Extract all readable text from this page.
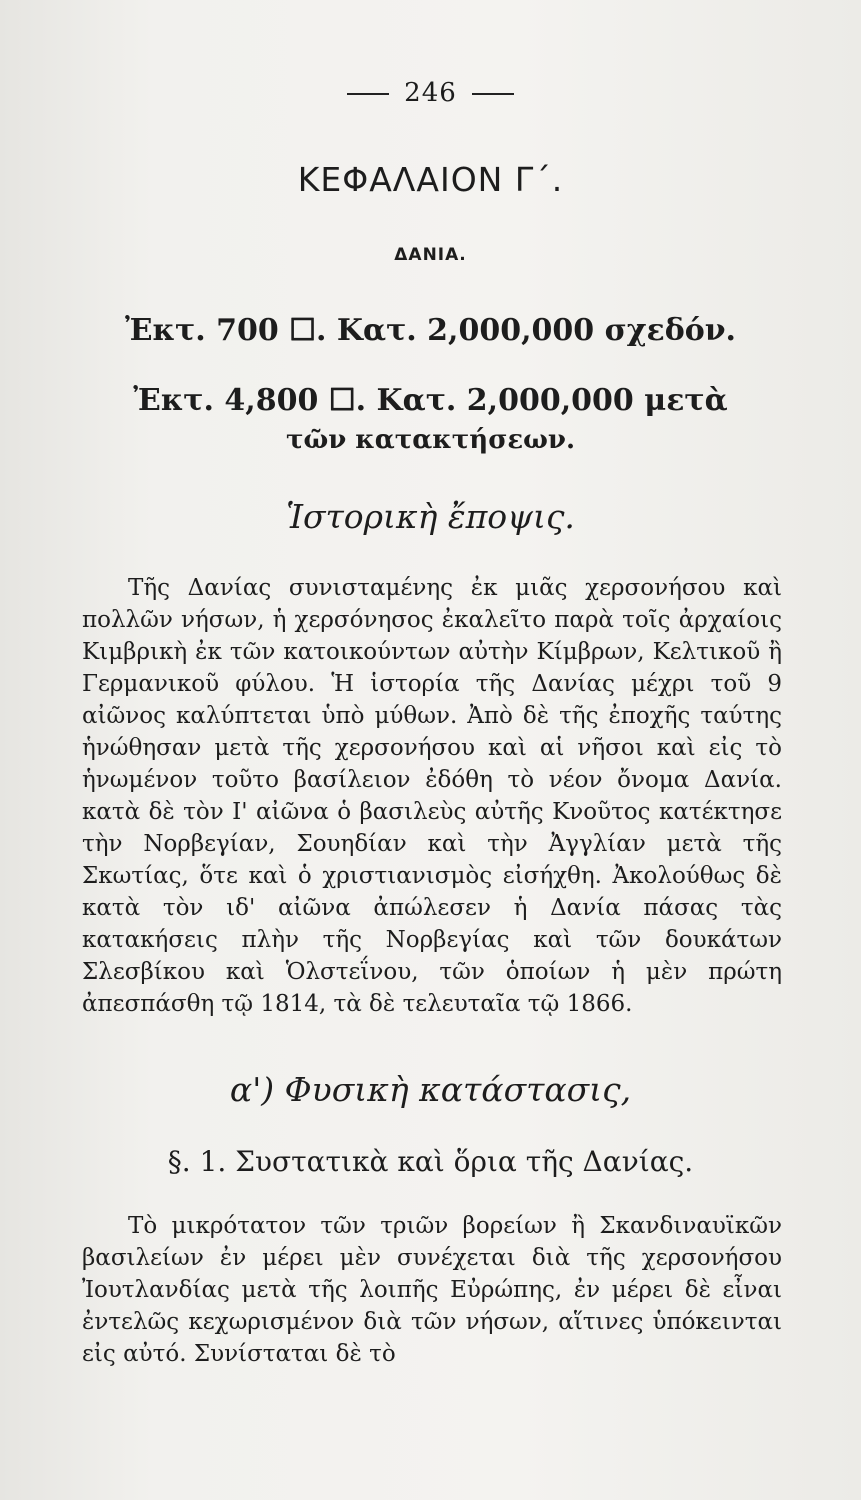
246
ΚΕΦΑΛΑΙΟΝ Γ΄.
ΔΑΝΙΑ.
Ἐκτ. 700 ☐. Κατ. 2,000,000 σχεδόν.
Ἐκτ. 4,800 ☐. Κατ. 2,000,000 μετὰ
τῶν κατακτήσεων.
Ἱστορικὴ ἔποψις.
Τῆς Δανίας συνισταμένης ἐκ μιᾶς χερσονήσου καὶ πολλῶν νήσων, ἡ χερσόνησος ἐκαλεῖτο παρὰ τοῖς ἀρχαίοις Κιμβρικὴ ἐκ τῶν κατοικούντων αὐτὴν Κίμβρων, Κελτικοῦ ἢ Γερμανικοῦ φύλου. Ἡ ἱστορία τῆς Δανίας μέχρι τοῦ 9 αἰῶνος καλύπτεται ὑπὸ μύθων. Ἀπὸ δὲ τῆς ἐποχῆς ταύτης ἡνώθησαν μετὰ τῆς χερσονήσου καὶ αἱ νῆσοι καὶ εἰς τὸ ἡνωμένον τοῦτο βασίλειον ἐδόθη τὸ νέον ὄνομα Δανία. κατὰ δὲ τὸν Ι' αἰῶνα ὁ βασιλεὺς αὐτῆς Κνοῦτος κατέκτησε τὴν Νορβεγίαν, Σουηδίαν καὶ τὴν Ἀγγλίαν μετὰ τῆς Σκωτίας, ὅτε καὶ ὁ χριστιανισμὸς εἰσήχθη. Ἀκολούθως δὲ κατὰ τὸν ιδ' αἰῶνα ἀπώλεσεν ἡ Δανία πάσας τὰς κατακήσεις πλὴν τῆς Νορβεγίας καὶ τῶν δουκάτων Σλεσβίκου καὶ Ὁλστεΐνου, τῶν ὁποίων ἡ μὲν πρώτη ἀπεσπάσθη τῷ 1814, τὰ δὲ τελευταῖα τῷ 1866.
α') Φυσικὴ κατάστασις,
§. 1. Συστατικὰ καὶ ὅρια τῆς Δανίας.
Τὸ μικρότατον τῶν τριῶν βορείων ἢ Σκανδιναυϊκῶν βασιλείων ἐν μέρει μὲν συνέχεται διὰ τῆς χερσονήσου Ἰουτλανδίας μετὰ τῆς λοιπῆς Εὐρώπης, ἐν μέρει δὲ εἶναι ἐντελῶς κεχωρισμένον διὰ τῶν νήσων, αἵτινες ὑπόκεινται εἰς αὐτό. Συνίσταται δὲ τὸ
